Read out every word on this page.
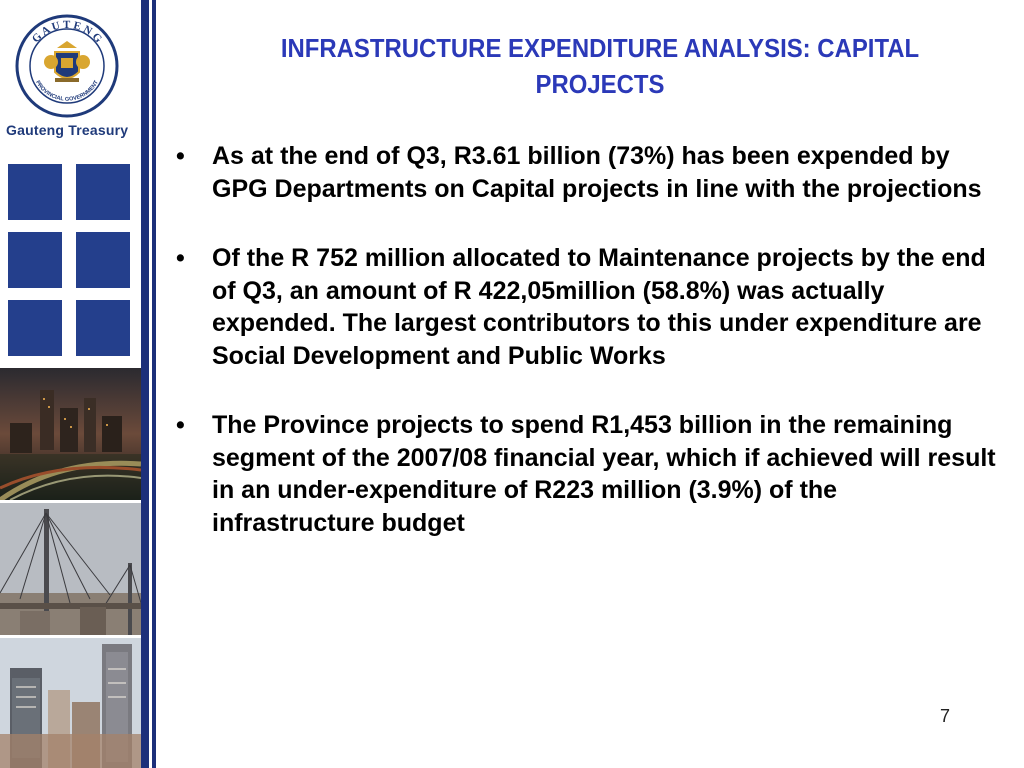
G A U T E N G
PROVINCIAL GOVERNMENT
Gauteng Treasury
INFRASTRUCTURE EXPENDITURE ANALYSIS: CAPITAL PROJECTS
• As at the end of Q3, R3.61 billion (73%) has been expended by GPG Departments on Capital projects in line with the projections
• Of the R 752 million allocated to Maintenance projects by the end of Q3, an amount of R 422,05million (58.8%) was actually expended. The largest contributors to this under expenditure are Social Development and Public Works
• The Province projects to spend R1,453 billion in the remaining segment of the 2007/08 financial year, which if achieved will result in an under-expenditure of R223 million (3.9%) of the infrastructure budget
7
